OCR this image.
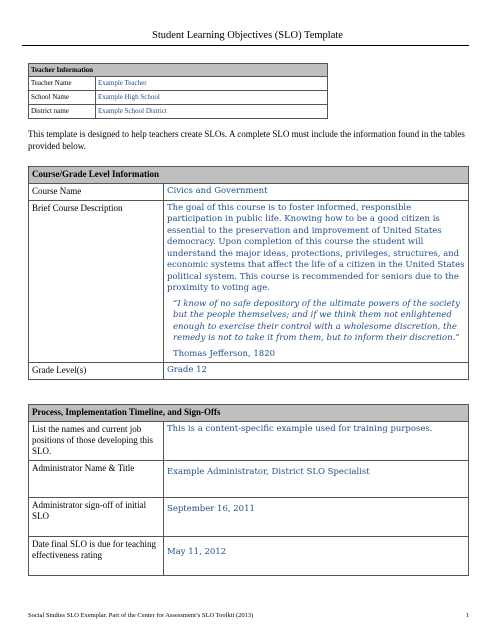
Student Learning Objectives (SLO) Template
Teacher Information	
Teacher Name	Example Teacher
School Name	Example High School
District name	Example School District
This template is designed to help teachers create SLOs. A complete SLO must include the information found in the tables provided below.
Course/Grade Level Information	
Course Name	Civics and Government
Brief Course Description	The goal of this course is to foster informed, responsible participation in public life. Knowing how to be a good citizen is essential to the preservation and improvement of United States democracy. Upon completion of this course the student will understand the major ideas, protections, privileges, structures, and economic systems that affect the life of a citizen in the United States political system. This course is recommended for seniors due to the proximity to voting age.
“I know of no safe depository of the ultimate powers of the society but the people themselves; and if we think them not enlightened enough to exercise their control with a wholesome discretion, the remedy is not to take it from them, but to inform their discretion.”
Thomas Jefferson, 1820

Grade Level(s)	Grade 12
Process, Implementation Timeline, and Sign-Offs	
List the names and current job positions of those developing this SLO.	This is a content-specific example used for training purposes.
Administrator Name & Title	Example Administrator, District SLO Specialist
Administrator sign-off of initial SLO	September 16, 2011
Date final SLO is due for teaching effectiveness rating	May 11, 2012
Social Studies SLO Exemplar. Part of the Center for Assessment’s SLO Toolkit (2013)	1
